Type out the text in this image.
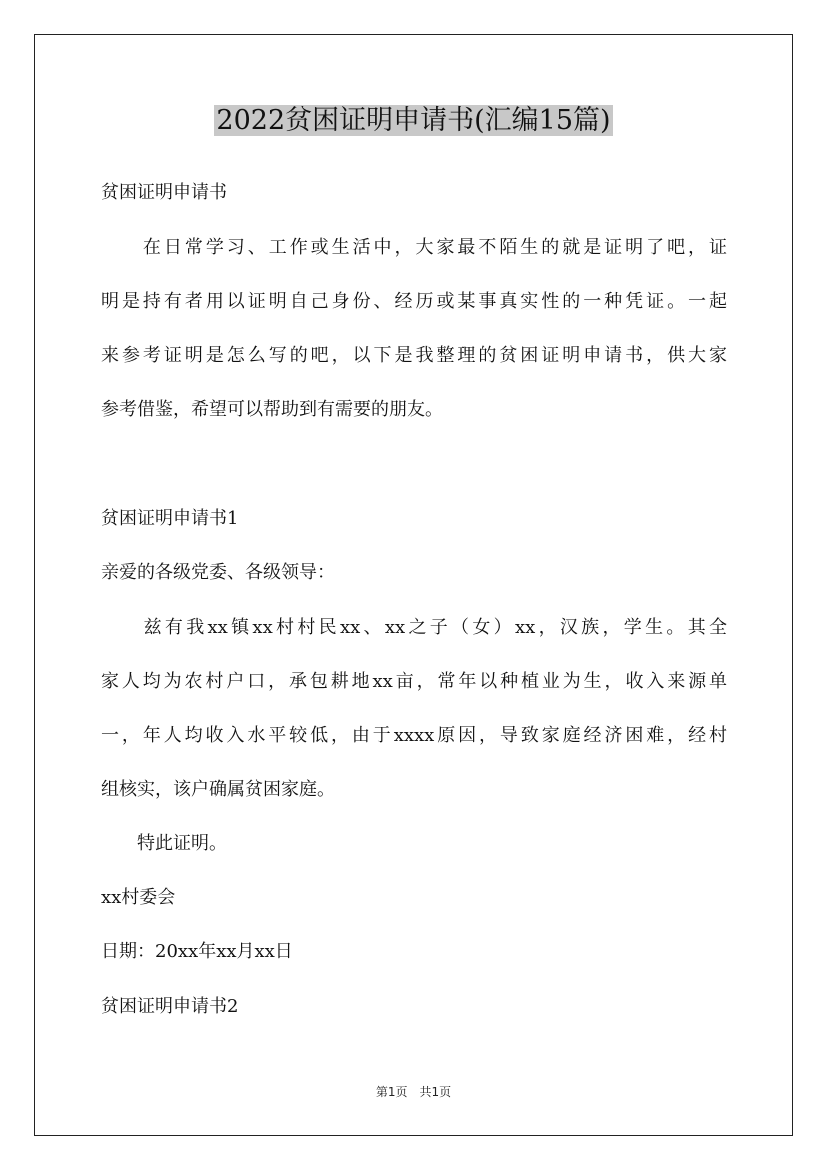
2022贫困证明申请书(汇编15篇)
贫困证明申请书
　　在日常学习、工作或生活中，大家最不陌生的就是证明了吧，证
明是持有者用以证明自己身份、经历或某事真实性的一种凭证。一起
来参考证明是怎么写的吧，以下是我整理的贫困证明申请书，供大家
参考借鉴，希望可以帮助到有需要的朋友。
贫困证明申请书1
亲爱的各级党委、各级领导：
　　兹有我xx镇xx村村民xx、xx之子（女）xx，汉族，学生。其全
家人均为农村户口，承包耕地xx亩，常年以种植业为生，收入来源单
一，年人均收入水平较低，由于xxxx原因，导致家庭经济困难，经村
组核实，该户确属贫困家庭。
　　特此证明。
xx村委会
日期：20xx年xx月xx日
贫困证明申请书2
第1页 共1页
